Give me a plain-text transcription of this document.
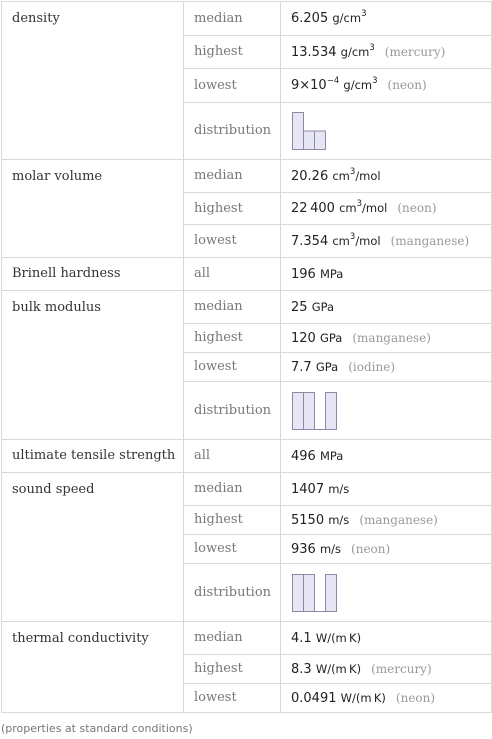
density	median	6.205 $g/cm^3$
	highest	13.534 $g/cm^3$ (mercury)
	lowest	$9\times 10^{-4}$ $g/cm^3$ (neon)
	distribution	

molar volume	median	20.26 $cm^3$/mol
	highest	22 400 $cm^3$/mol (neon)
	lowest	7.354 $cm^3$/mol (manganese)
Brinell hardness	all	196 MPa
bulk modulus	median	25 GPa
	highest	120 GPa (manganese)
	lowest	7.7 GPa (iodine)
	distribution	

ultimate tensile strength	all	496 MPa
sound speed	median	1407 m/s
	highest	5150 m/s (manganese)
	lowest	936 m/s (neon)
	distribution	

thermal conductivity	median	4.1 W/(m K)
	highest	8.3 W/(m K) (mercury)
	lowest	0.0491 W/(m K) (neon)
(properties at standard conditions)
